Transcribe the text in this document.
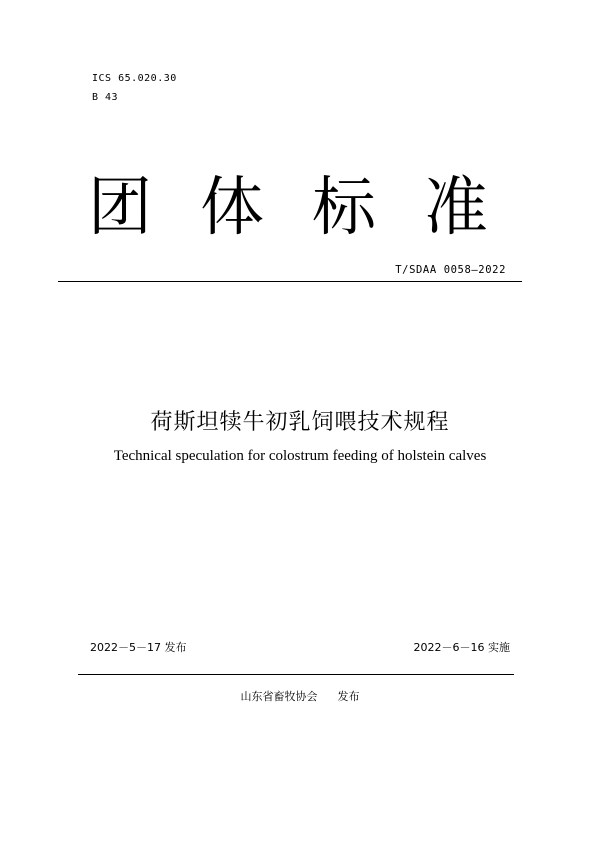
ICS 65.020.30
B 43
团 体 标 准
T/SDAA 0058—2022
荷斯坦犊牛初乳饲喂技术规程
Technical speculation for colostrum feeding of holstein calves
2022－5－17 发布	2022－6－16 实施
山东省畜牧协会 发布
